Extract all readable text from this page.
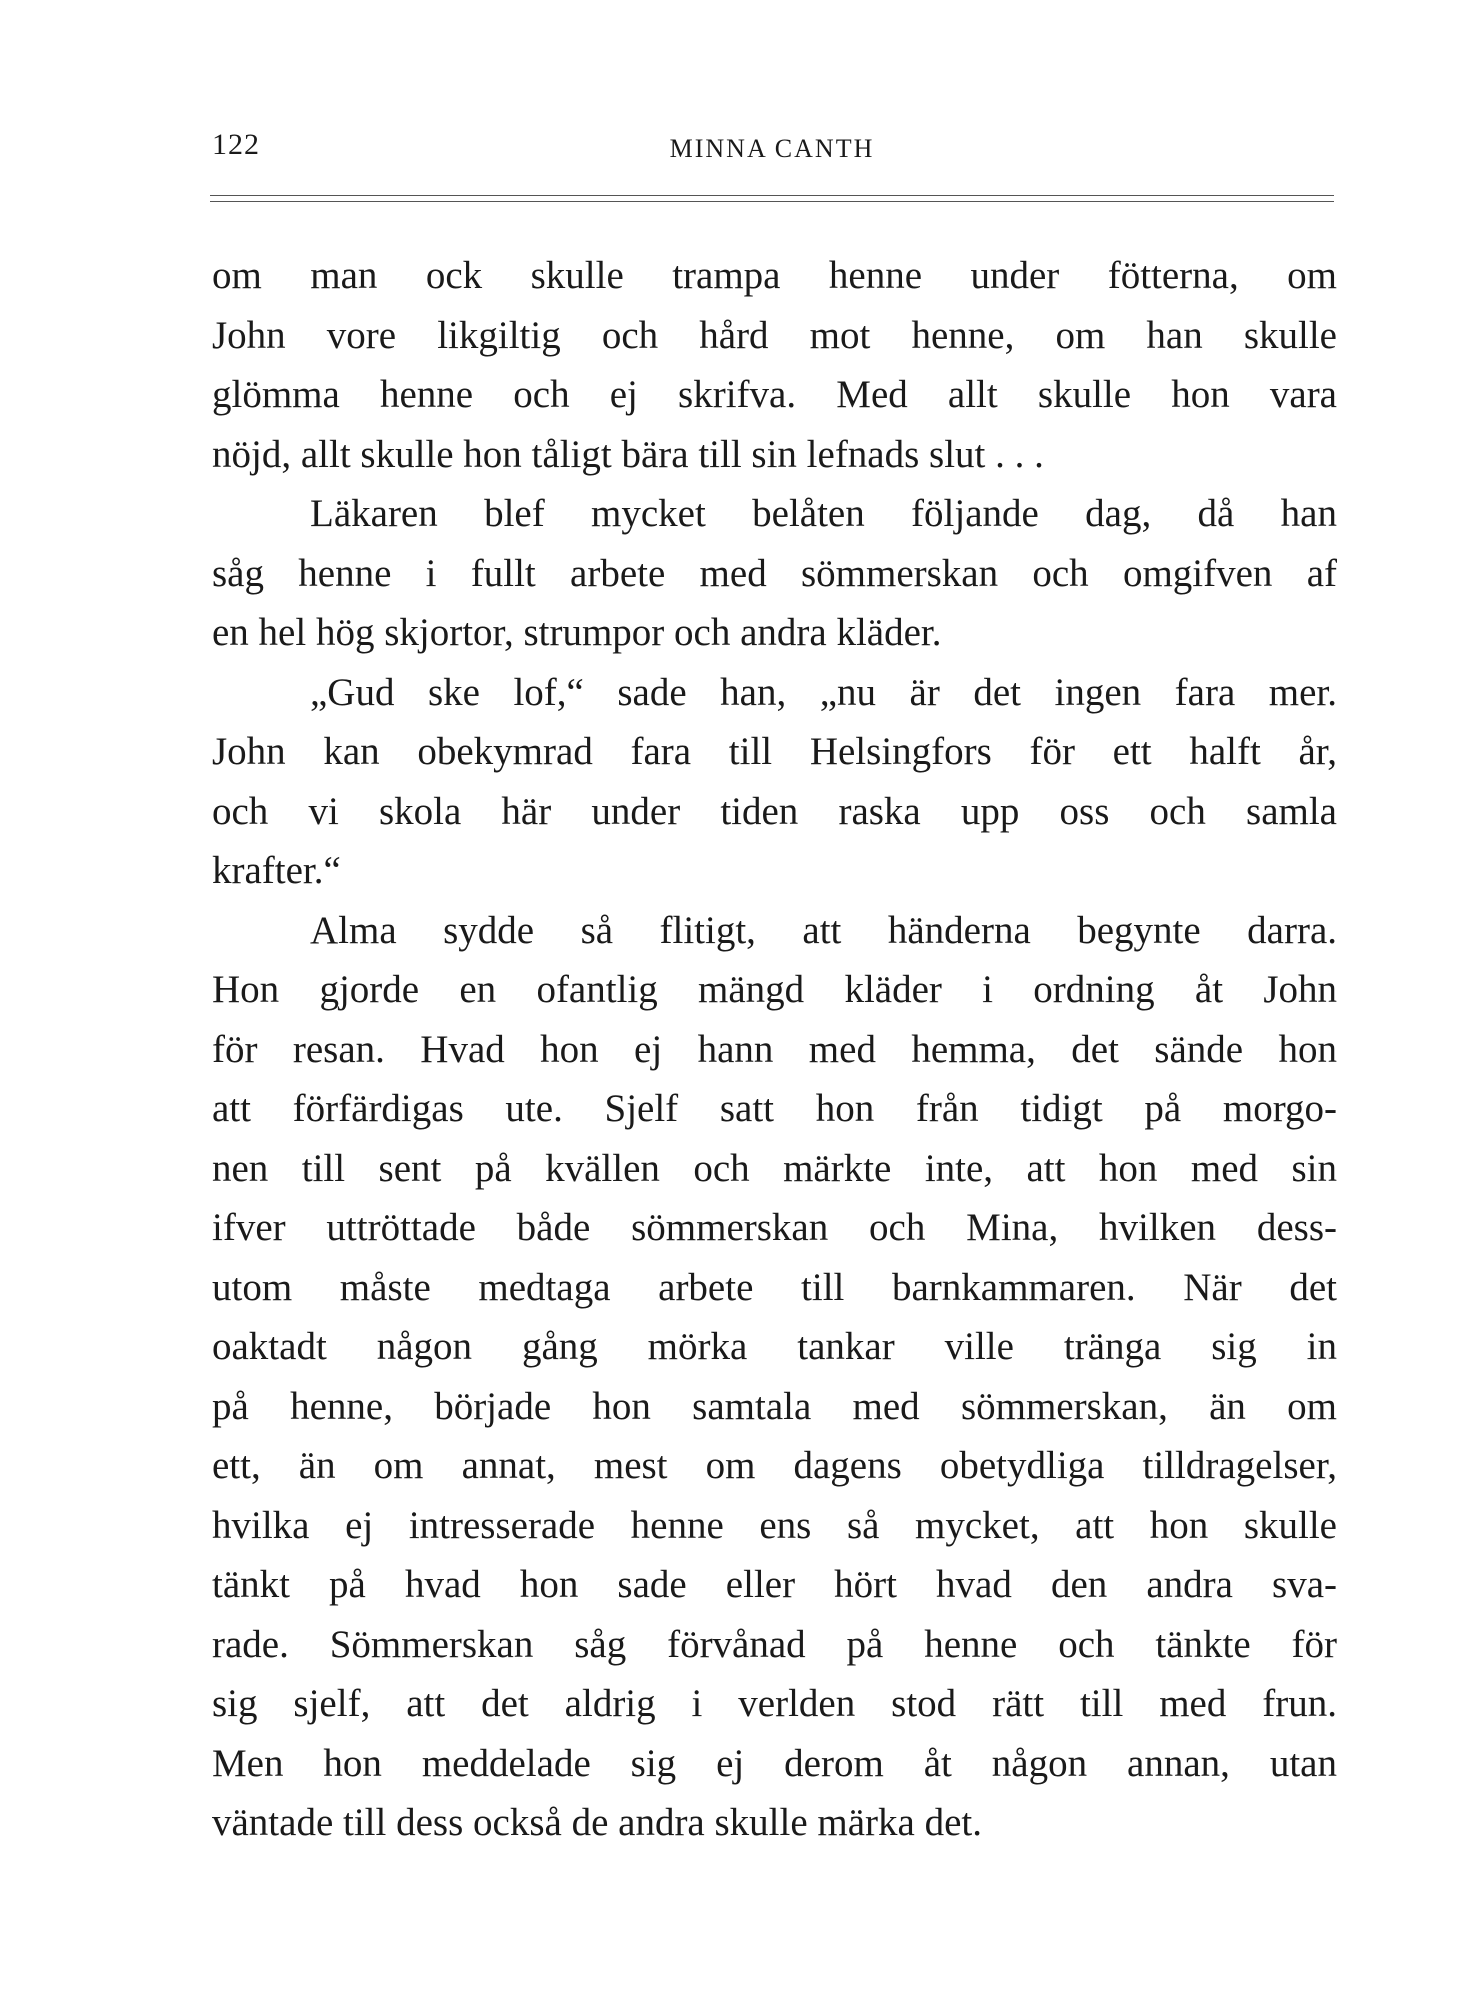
122	MINNA CANTH
om man ock skulle trampa henne under fötterna, om
John vore likgiltig och hård mot henne, om han skulle
glömma henne och ej skrifva. Med allt skulle hon vara
nöjd, allt skulle hon tåligt bära till sin lefnads slut . . .
Läkaren blef mycket belåten följande dag, då han
såg henne i fullt arbete med sömmerskan och omgifven af
en hel hög skjortor, strumpor och andra kläder.
„Gud ske lof,“ sade han, „nu är det ingen fara mer.
John kan obekymrad fara till Helsingfors för ett halft år,
och vi skola här under tiden raska upp oss och samla
krafter.“
Alma sydde så flitigt, att händerna begynte darra.
Hon gjorde en ofantlig mängd kläder i ordning åt John
för resan. Hvad hon ej hann med hemma, det sände hon
att förfärdigas ute. Sjelf satt hon från tidigt på morgo-
nen till sent på kvällen och märkte inte, att hon med sin
ifver uttröttade både sömmerskan och Mina, hvilken dess-
utom måste medtaga arbete till barnkammaren. När det
oaktadt någon gång mörka tankar ville tränga sig in
på henne, började hon samtala med sömmerskan, än om
ett, än om annat, mest om dagens obetydliga tilldragelser,
hvilka ej intresserade henne ens så mycket, att hon skulle
tänkt på hvad hon sade eller hört hvad den andra sva-
rade. Sömmerskan såg förvånad på henne och tänkte för
sig sjelf, att det aldrig i verlden stod rätt till med frun.
Men hon meddelade sig ej derom åt någon annan, utan
väntade till dess också de andra skulle märka det.
